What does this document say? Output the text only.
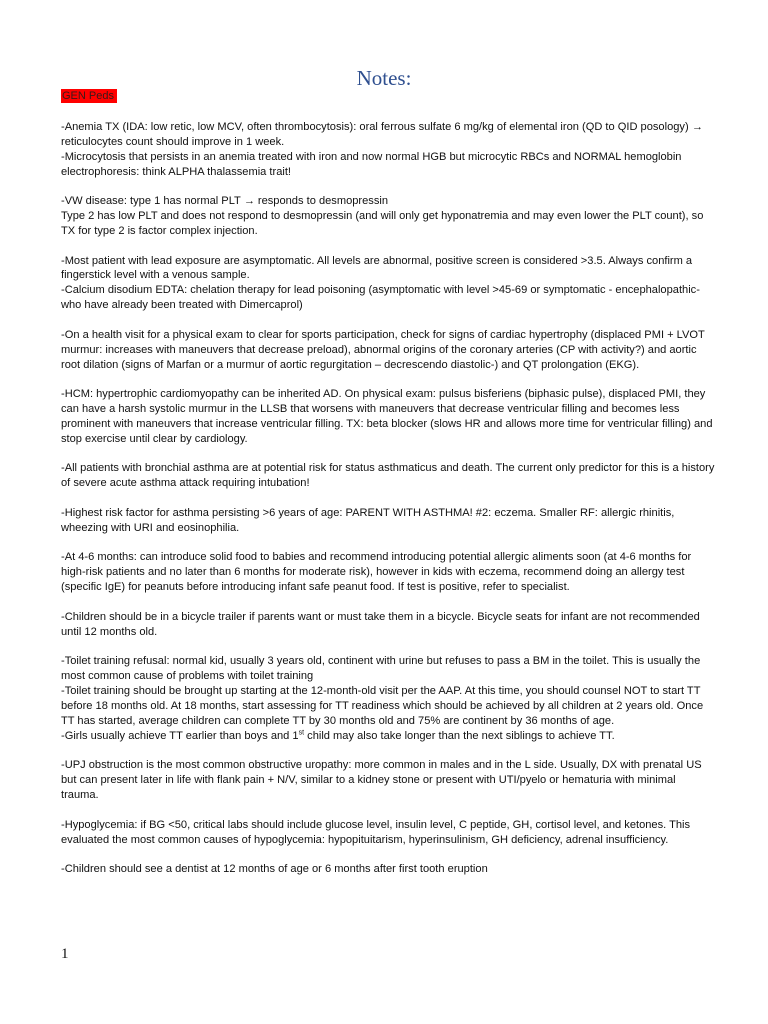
Notes:
GEN Peds

-Anemia TX (IDA: low retic, low MCV, often thrombocytosis): oral ferrous sulfate 6 mg/kg of elemental iron (QD to QID posology) → reticulocytes count should improve in 1 week.

-Microcytosis that persists in an anemia treated with iron and now normal HGB but microcytic RBCs and NORMAL hemoglobin electrophoresis: think ALPHA thalassemia trait!

-VW disease: type 1 has normal PLT → responds to desmopressin

Type 2 has low PLT and does not respond to desmopressin (and will only get hyponatremia and may even lower the PLT count), so TX for type 2 is factor complex injection.

-Most patient with lead exposure are asymptomatic. All levels are abnormal, positive screen is considered >3.5. Always confirm a fingerstick level with a venous sample.

-Calcium disodium EDTA: chelation therapy for lead poisoning (asymptomatic with level >45-69 or symptomatic - encephalopathic- who have already been treated with Dimercaprol)

-On a health visit for a physical exam to clear for sports participation, check for signs of cardiac hypertrophy (displaced PMI + LVOT murmur: increases with maneuvers that decrease preload), abnormal origins of the coronary arteries (CP with activity?) and aortic root dilation (signs of Marfan or a murmur of aortic regurgitation – decrescendo diastolic-) and QT prolongation (EKG).

-HCM: hypertrophic cardiomyopathy can be inherited AD. On physical exam: pulsus bisferiens (biphasic pulse), displaced PMI, they can have a harsh systolic murmur in the LLSB that worsens with maneuvers that decrease ventricular filling and becomes less prominent with maneuvers that increase ventricular filling. TX: beta blocker (slows HR and allows more time for ventricular filling) and stop exercise until clear by cardiology.

-All patients with bronchial asthma are at potential risk for status asthmaticus and death. The current only predictor for this is a history of severe acute asthma attack requiring intubation!

-Highest risk factor for asthma persisting >6 years of age: PARENT WITH ASTHMA! #2: eczema. Smaller RF: allergic rhinitis, wheezing with URI and eosinophilia.

-At 4-6 months: can introduce solid food to babies and recommend introducing potential allergic aliments soon (at 4-6 months for high-risk patients and no later than 6 months for moderate risk), however in kids with eczema, recommend doing an allergy test (specific IgE) for peanuts before introducing infant safe peanut food. If test is positive, refer to specialist.

-Children should be in a bicycle trailer if parents want or must take them in a bicycle. Bicycle seats for infant are not recommended until 12 months old.

-Toilet training refusal: normal kid, usually 3 years old, continent with urine but refuses to pass a BM in the toilet. This is usually the most common cause of problems with toilet training

-Toilet training should be brought up starting at the 12-month-old visit per the AAP. At this time, you should counsel NOT to start TT before 18 months old. At 18 months, start assessing for TT readiness which should be achieved by all children at 2 years old. Once TT has started, average children can complete TT by 30 months old and 75% are continent by 36 months of age.

-Girls usually achieve TT earlier than boys and 1st child may also take longer than the next siblings to achieve TT.

-UPJ obstruction is the most common obstructive uropathy: more common in males and in the L side. Usually, DX with prenatal US but can present later in life with flank pain + N/V, similar to a kidney stone or present with UTI/pyelo or hematuria with minimal trauma.

-Hypoglycemia: if BG <50, critical labs should include glucose level, insulin level, C peptide, GH, cortisol level, and ketones. This evaluated the most common causes of hypoglycemia: hypopituitarism, hyperinsulinism, GH deficiency, adrenal insufficiency.

-Children should see a dentist at 12 months of age or 6 months after first tooth eruption

1
